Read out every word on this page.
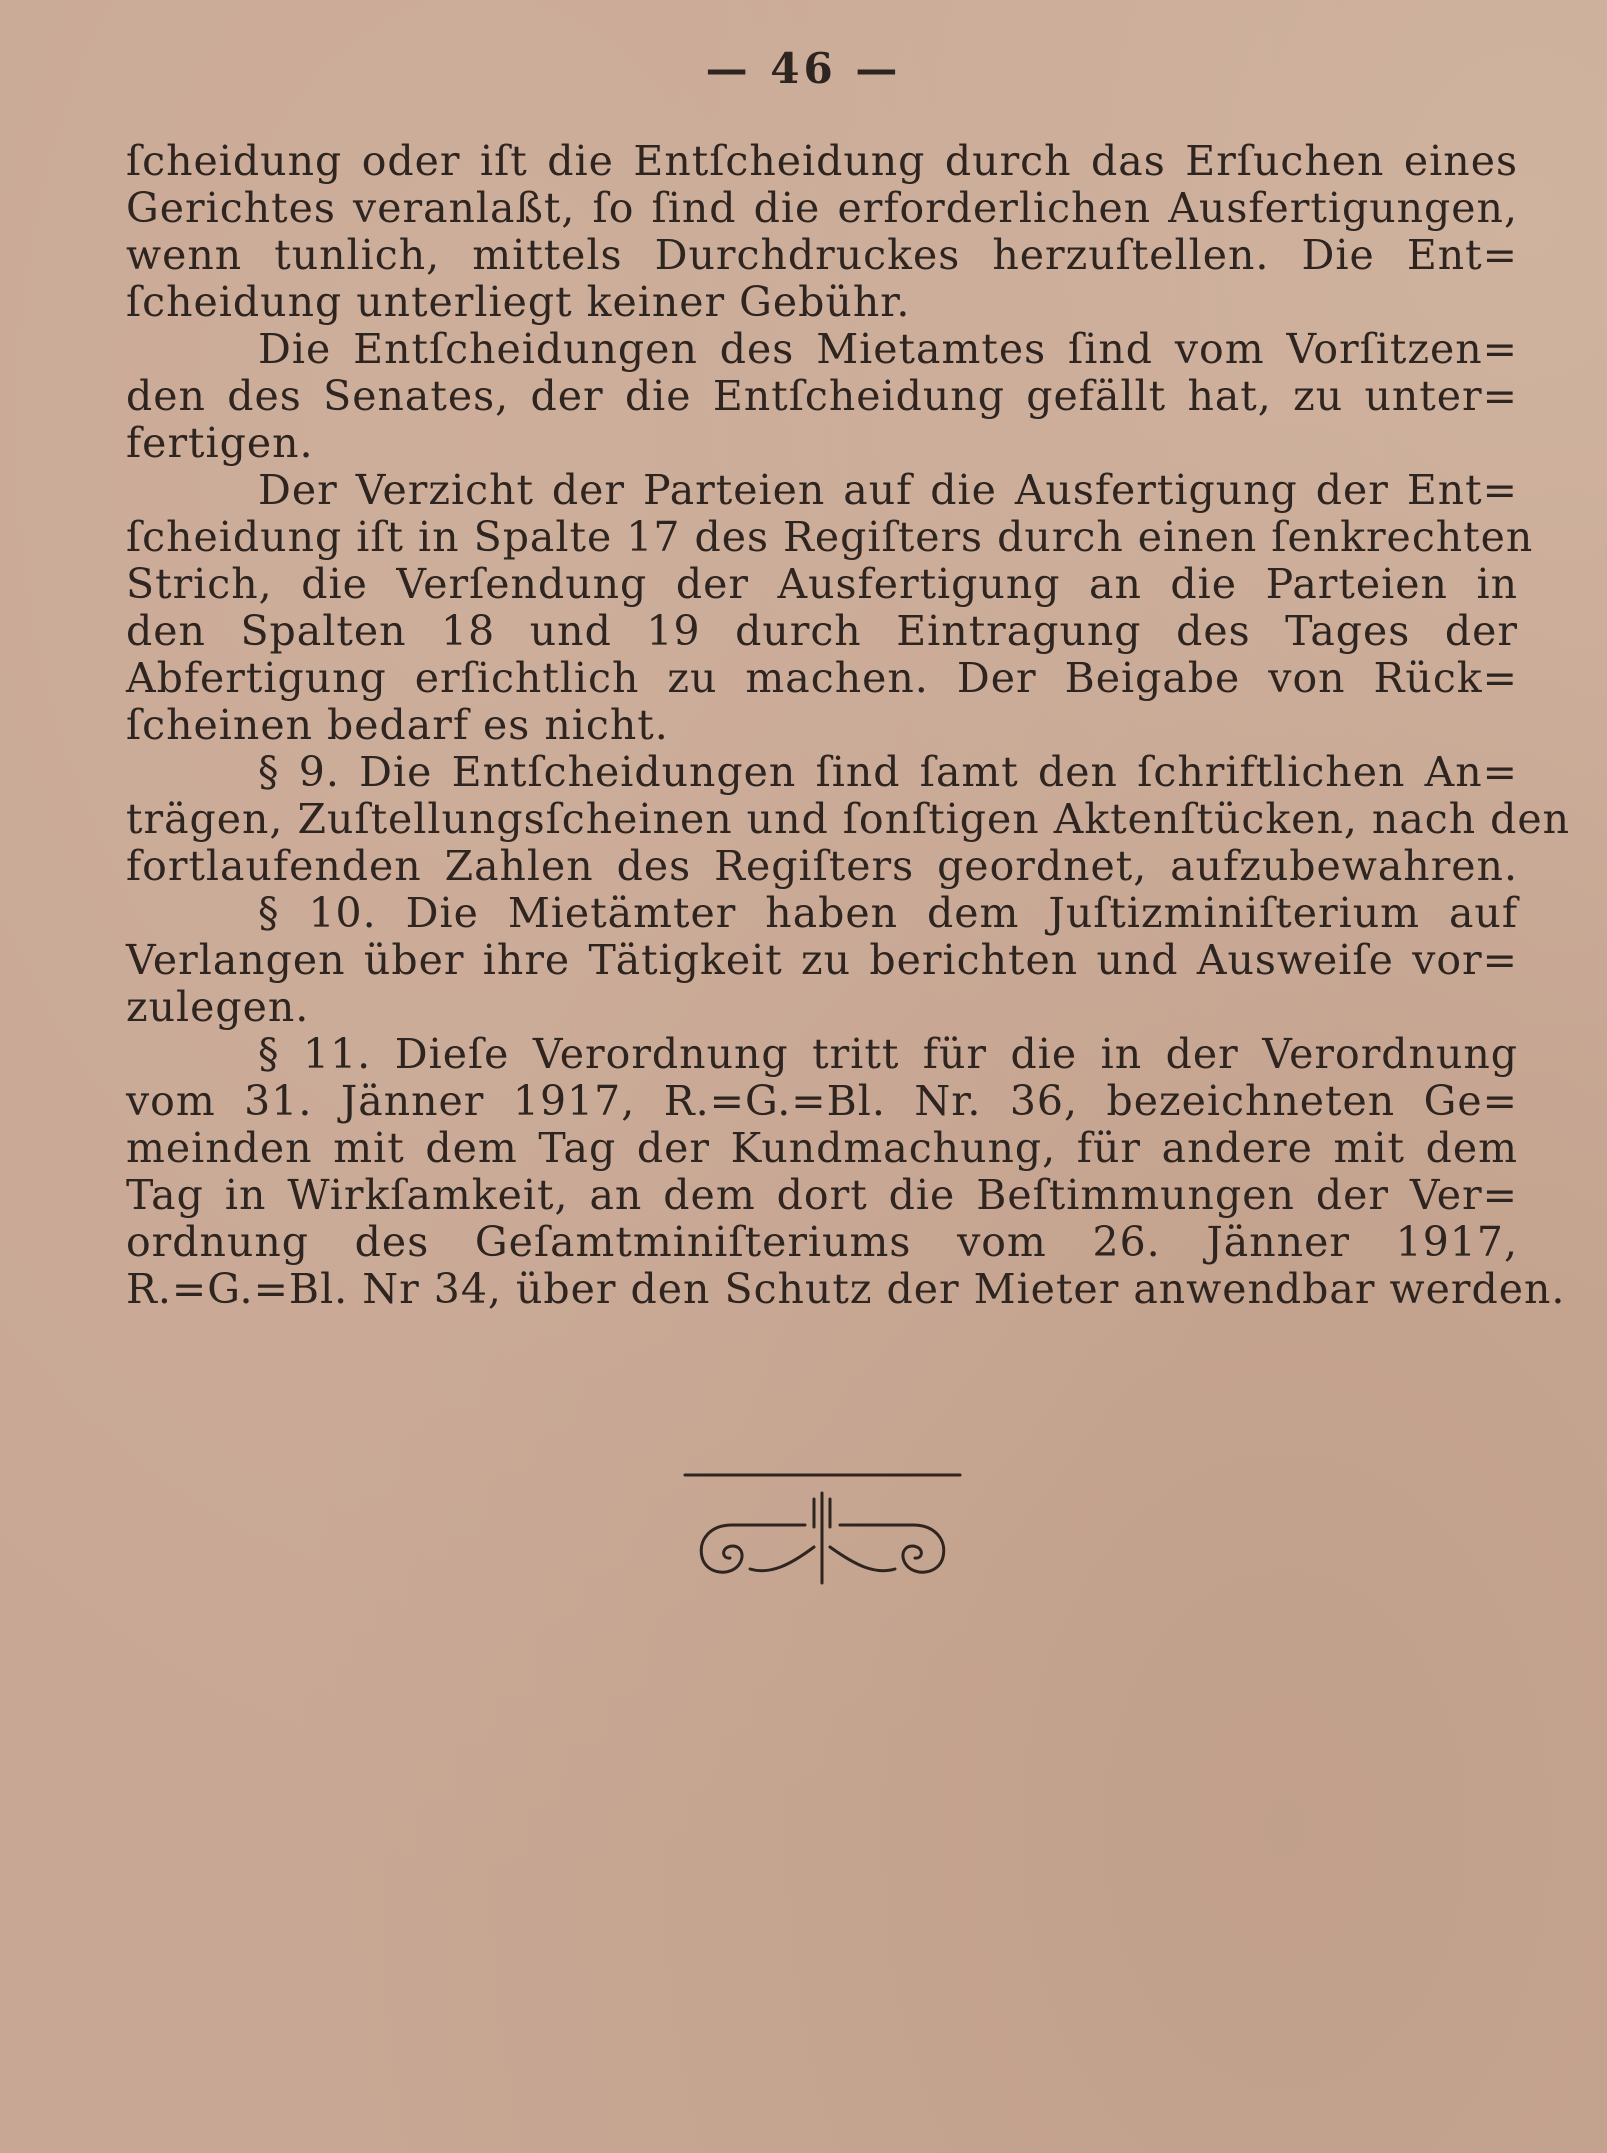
— 46 —
ſcheidung oder iſt die Entſcheidung durch das Erſuchen eines
Gerichtes veranlaßt, ſo ſind die erforderlichen Ausfertigungen,
wenn tunlich, mittels Durchdruckes herzuſtellen. Die Ent=
ſcheidung unterliegt keiner Gebühr.
Die Entſcheidungen des Mietamtes ſind vom Vorſitzen=
den des Senates, der die Entſcheidung gefällt hat, zu unter=
fertigen.
Der Verzicht der Parteien auf die Ausfertigung der Ent=
ſcheidung iſt in Spalte 17 des Regiſters durch einen ſenkrechten
Strich, die Verſendung der Ausfertigung an die Parteien in
den Spalten 18 und 19 durch Eintragung des Tages der
Abfertigung erſichtlich zu machen. Der Beigabe von Rück=
ſcheinen bedarf es nicht.
§ 9. Die Entſcheidungen ſind ſamt den ſchriftlichen An=
trägen, Zuſtellungsſcheinen und ſonſtigen Aktenſtücken, nach den
fortlaufenden Zahlen des Regiſters geordnet, aufzubewahren.
§ 10. Die Mietämter haben dem Juſtizminiſterium auf
Verlangen über ihre Tätigkeit zu berichten und Ausweiſe vor=
zulegen.
§ 11. Dieſe Verordnung tritt für die in der Verordnung
vom 31. Jänner 1917, R.=G.=Bl. Nr. 36, bezeichneten Ge=
meinden mit dem Tag der Kundmachung, für andere mit dem
Tag in Wirkſamkeit, an dem dort die Beſtimmungen der Ver=
ordnung des Geſamtminiſteriums vom 26. Jänner 1917,
R.=G.=Bl. Nr 34, über den Schutz der Mieter anwendbar werden.
